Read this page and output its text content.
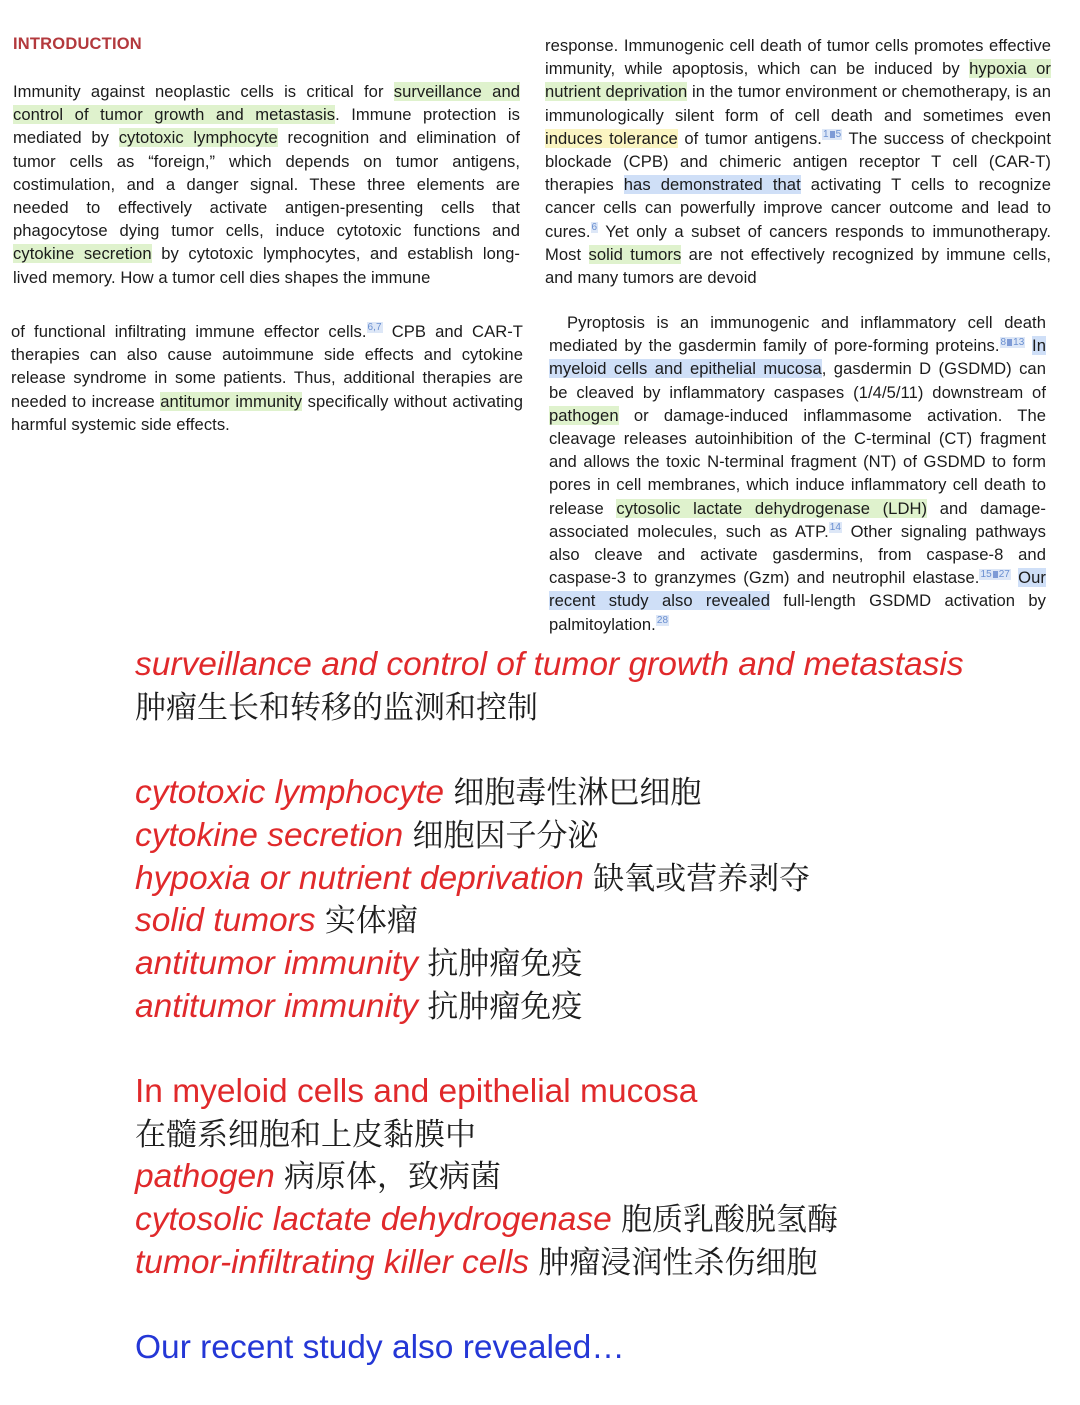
INTRODUCTION

Immunity against neoplastic cells is critical for surveillance and control of tumor growth and metastasis. Immune protection is mediated by cytotoxic lymphocyte recognition and elimination of tumor cells as “foreign,” which depends on tumor antigens, costimulation, and a danger signal. These three elements are needed to effectively activate antigen-presenting cells that phagocytose dying tumor cells, induce cytotoxic functions and cytokine secretion by cytotoxic lymphocytes, and establish long-lived memory. How a tumor cell dies shapes the immune

of functional infiltrating immune effector cells.$^{6,7}$ CPB and CAR-T therapies can also cause autoimmune side effects and cytokine release syndrome in some patients. Thus, additional therapies are needed to increase antitumor immunity specifically without activating harmful systemic side effects.

response. Immunogenic cell death of tumor cells promotes effective immunity, while apoptosis, which can be induced by hypoxia or nutrient deprivation in the tumor environment or chemotherapy, is an immunologically silent form of cell death and sometimes even induces tolerance of tumor antigens.$^{1 5}$ The success of checkpoint blockade (CPB) and chimeric antigen receptor T cell (CAR-T) therapies has demonstrated that activating T cells to recognize cancer cells can powerfully improve cancer outcome and lead to cures.$^6$ Yet only a subset of cancers responds to immunotherapy. Most solid tumors are not effectively recognized by immune cells, and many tumors are devoid

Pyroptosis is an immunogenic and inflammatory cell death mediated by the gasdermin family of pore-forming proteins.$^{8 13}$ In myeloid cells and epithelial mucosa, gasdermin D (GSDMD) can be cleaved by inflammatory caspases (1/4/5/11) downstream of pathogen or damage-induced inflammasome activation. The cleavage releases autoinhibition of the C-terminal (CT) fragment and allows the toxic N-terminal fragment (NT) of GSDMD to form pores in cell membranes, which induce inflammatory cell death to release cytosolic lactate dehydrogenase (LDH) and damage-associated molecules, such as ATP.$^{14}$ Other signaling pathways also cleave and activate gasdermins, from caspase-8 and caspase-3 to granzymes (Gzm) and neutrophil elastase.$^{15 27}$ Our recent study also revealed full-length GSDMD activation by palmitoylation.$^{28}$

surveillance and control of tumor growth and metastasis
肿瘤生长和转移的监测和控制
cytotoxic lymphocyte 细胞毒性淋巴细胞
cytokine secretion 细胞因子分泌
hypoxia or nutrient deprivation 缺氧或营养剥夺
solid tumors 实体瘤
antitumor immunity 抗肿瘤免疫
antitumor immunity 抗肿瘤免疫
In myeloid cells and epithelial mucosa
在髓系细胞和上皮黏膜中
pathogen 病原体，致病菌
cytosolic lactate dehydrogenase 胞质乳酸脱氢酶
tumor-infiltrating killer cells 肿瘤浸润性杀伤细胞
Our recent study also revealed…
